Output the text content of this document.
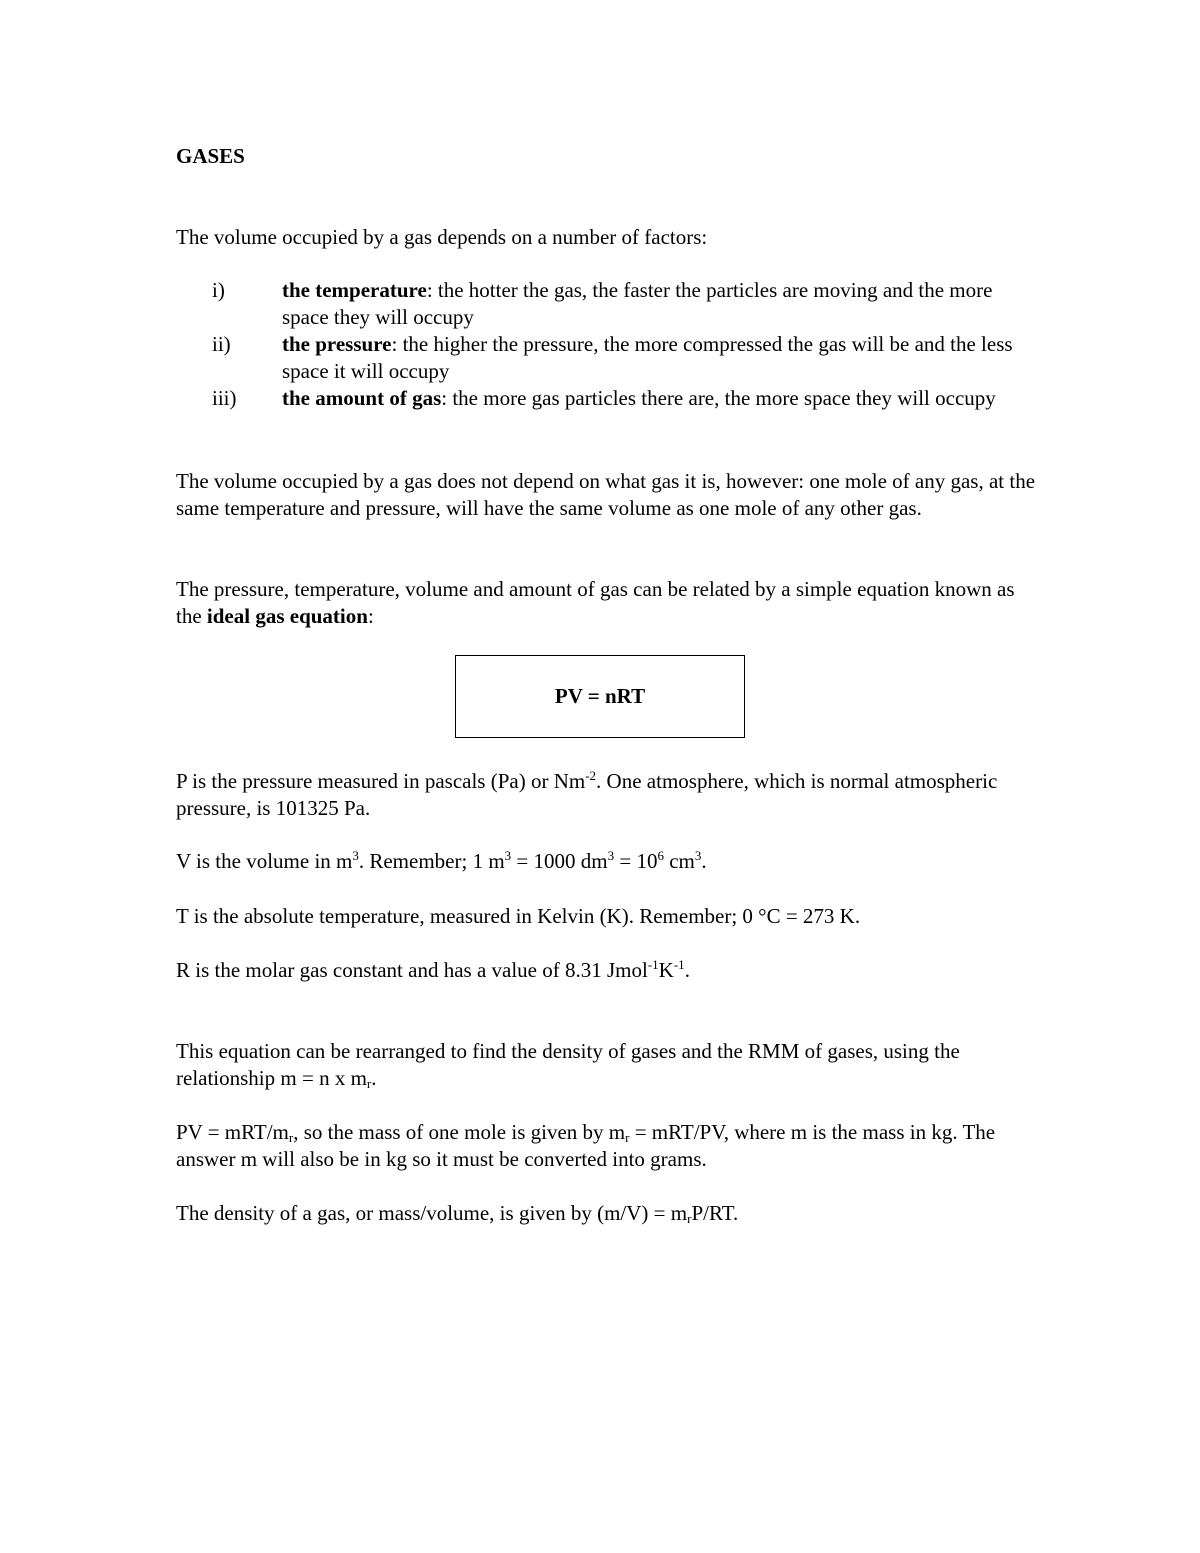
GASES

The volume occupied by a gas depends on a number of factors:

i)	the temperature: the hotter the gas, the faster the particles are moving and the more space they will occupy
ii) the pressure: the higher the pressure, the more compressed the gas will be and the less space it will occupy
iii) the amount of gas: the more gas particles there are, the more space they will occupy

The volume occupied by a gas does not depend on what gas it is, however: one mole of any gas, at the same temperature and pressure, will have the same volume as one mole of any other gas.

The pressure, temperature, volume and amount of gas can be related by a simple equation known as the ideal gas equation:

PV = nRT

P is the pressure measured in pascals (Pa) or $Nm^{-2}$. One atmosphere, which is normal atmospheric pressure, is 101325 Pa.

V is the volume in $m^3$. Remember; 1 $m^3 = 1000$ $dm^3 = 10^6$ $cm^3$.

T is the absolute temperature, measured in Kelvin (K). Remember; 0 °C = 273 K.

R is the molar gas constant and has a value of 8.31 $Jmol^{-1}K^{-1}$.

This equation can be rearranged to find the density of gases and the RMM of gases, using the relationship m = n x $m_r$.

PV = mRT/$m_r$, so the mass of one mole is given by $m_r = mRT/PV$, where m is the mass in kg. The answer m will also be in kg so it must be converted into grams.

The density of a gas, or mass/volume, is given by $(m/V) = m_rP/RT$.
